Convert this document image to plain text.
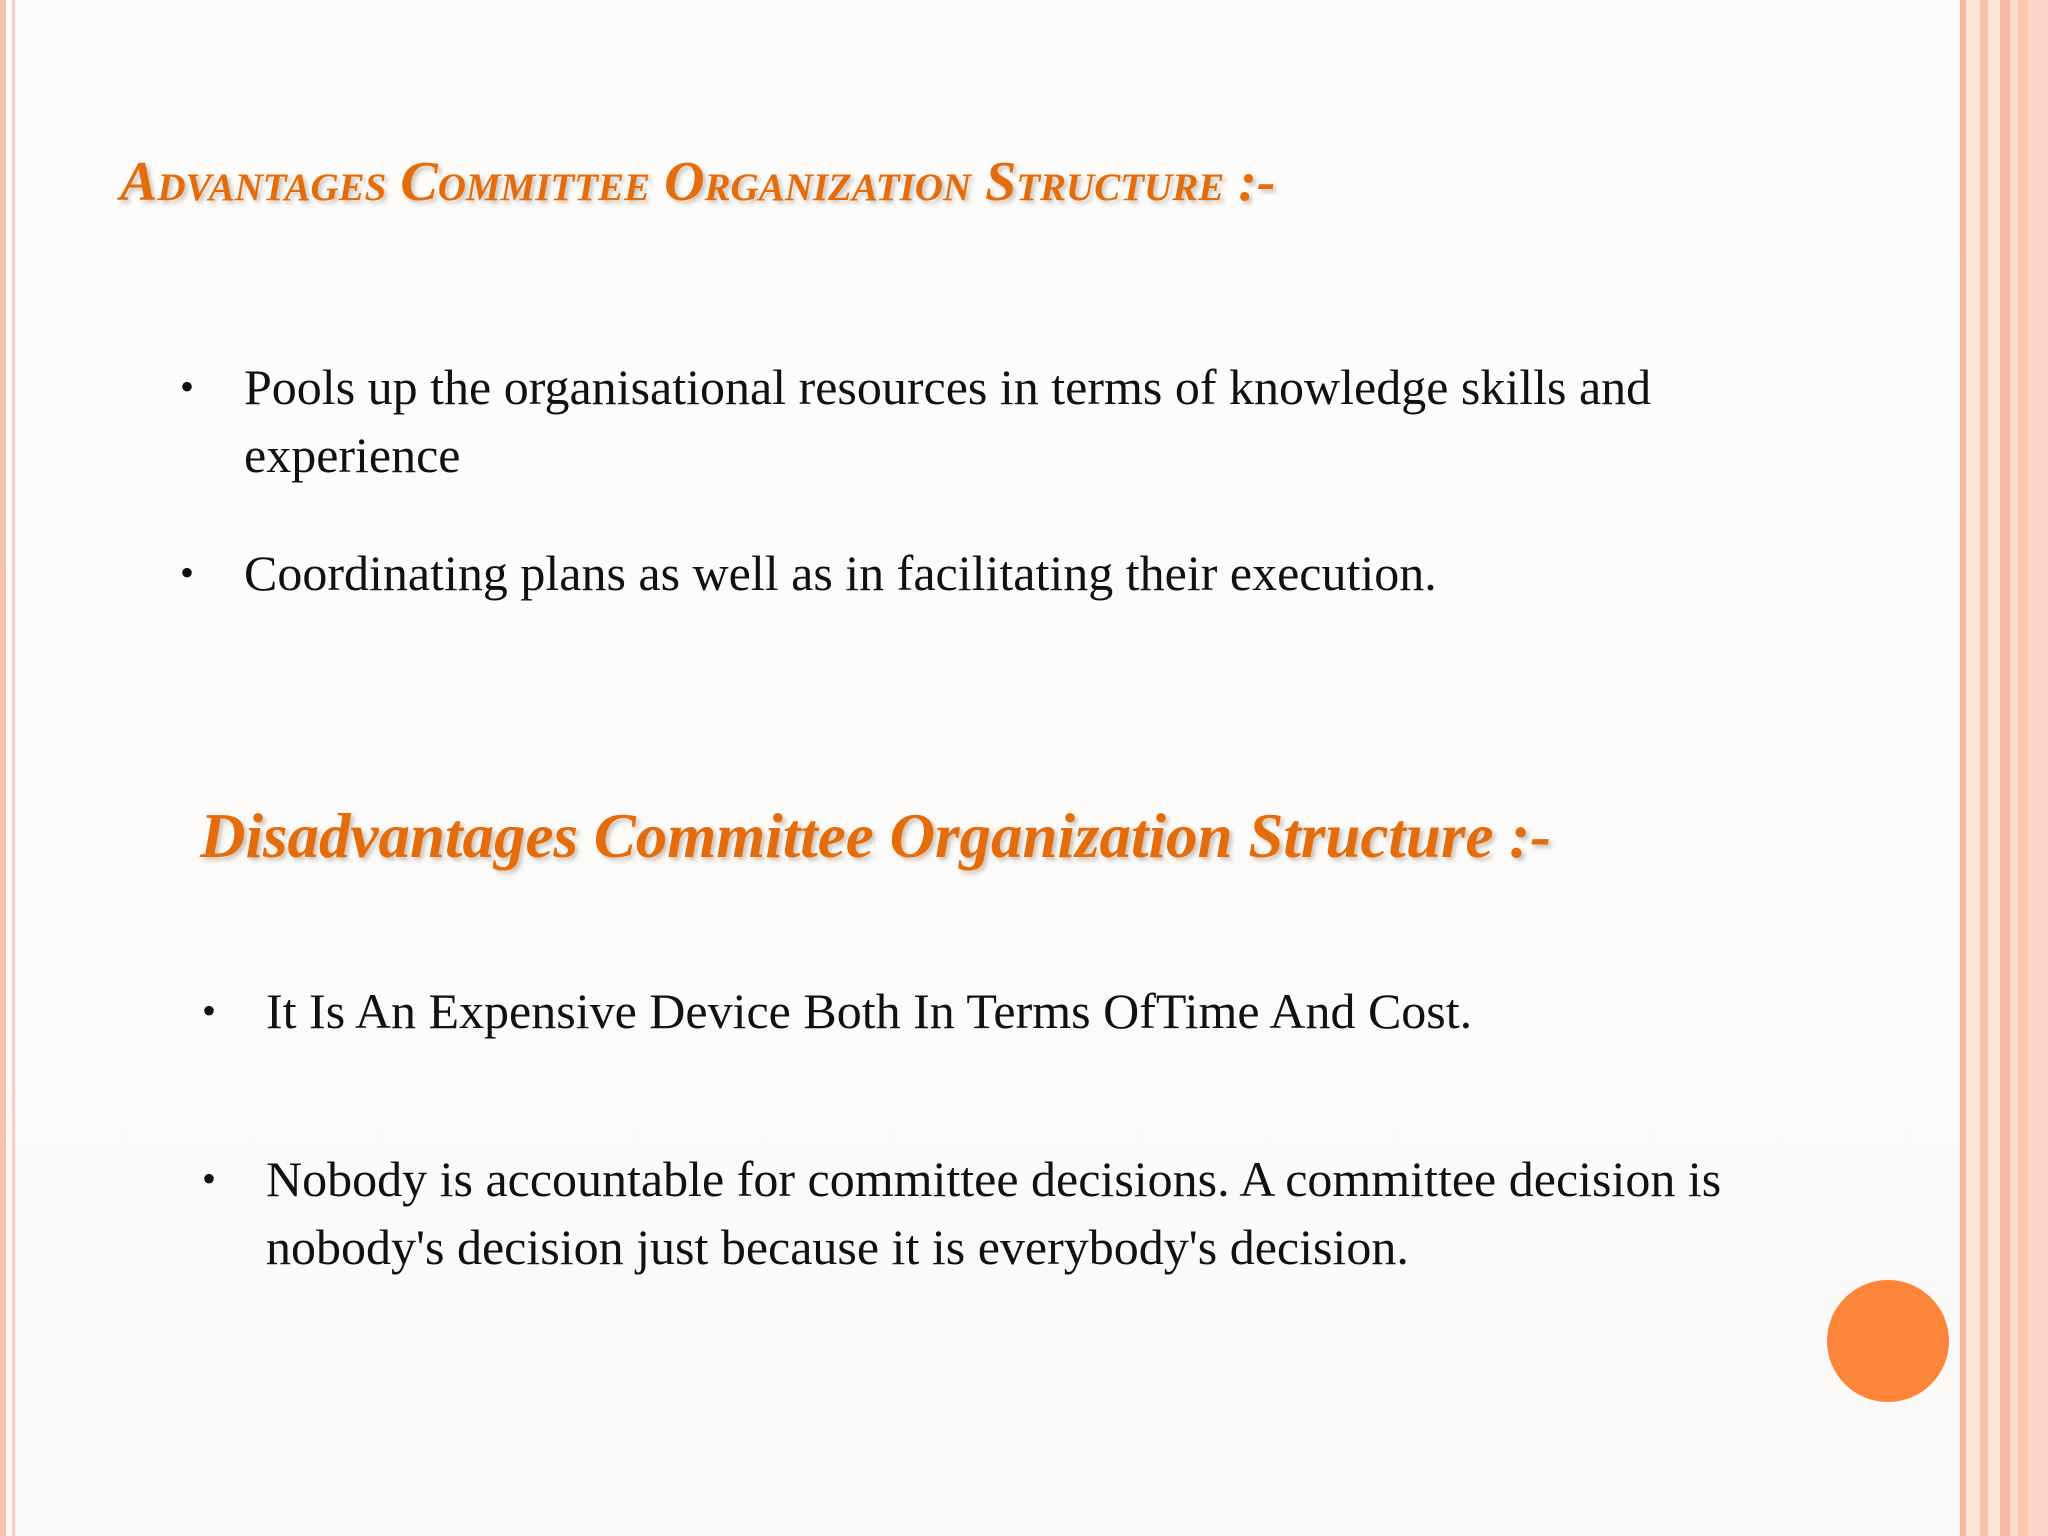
Advantages Committee Organization Structure :-
• Pools up the organisational resources in terms of knowledge skills and experience
• Coordinating plans as well as in facilitating their execution.
Disadvantages Committee Organization Structure :-
• It Is An Expensive Device Both In Terms OfTime And Cost.
• Nobody is accountable for committee decisions. A committee decision is nobody's decision just because it is everybody's decision.
